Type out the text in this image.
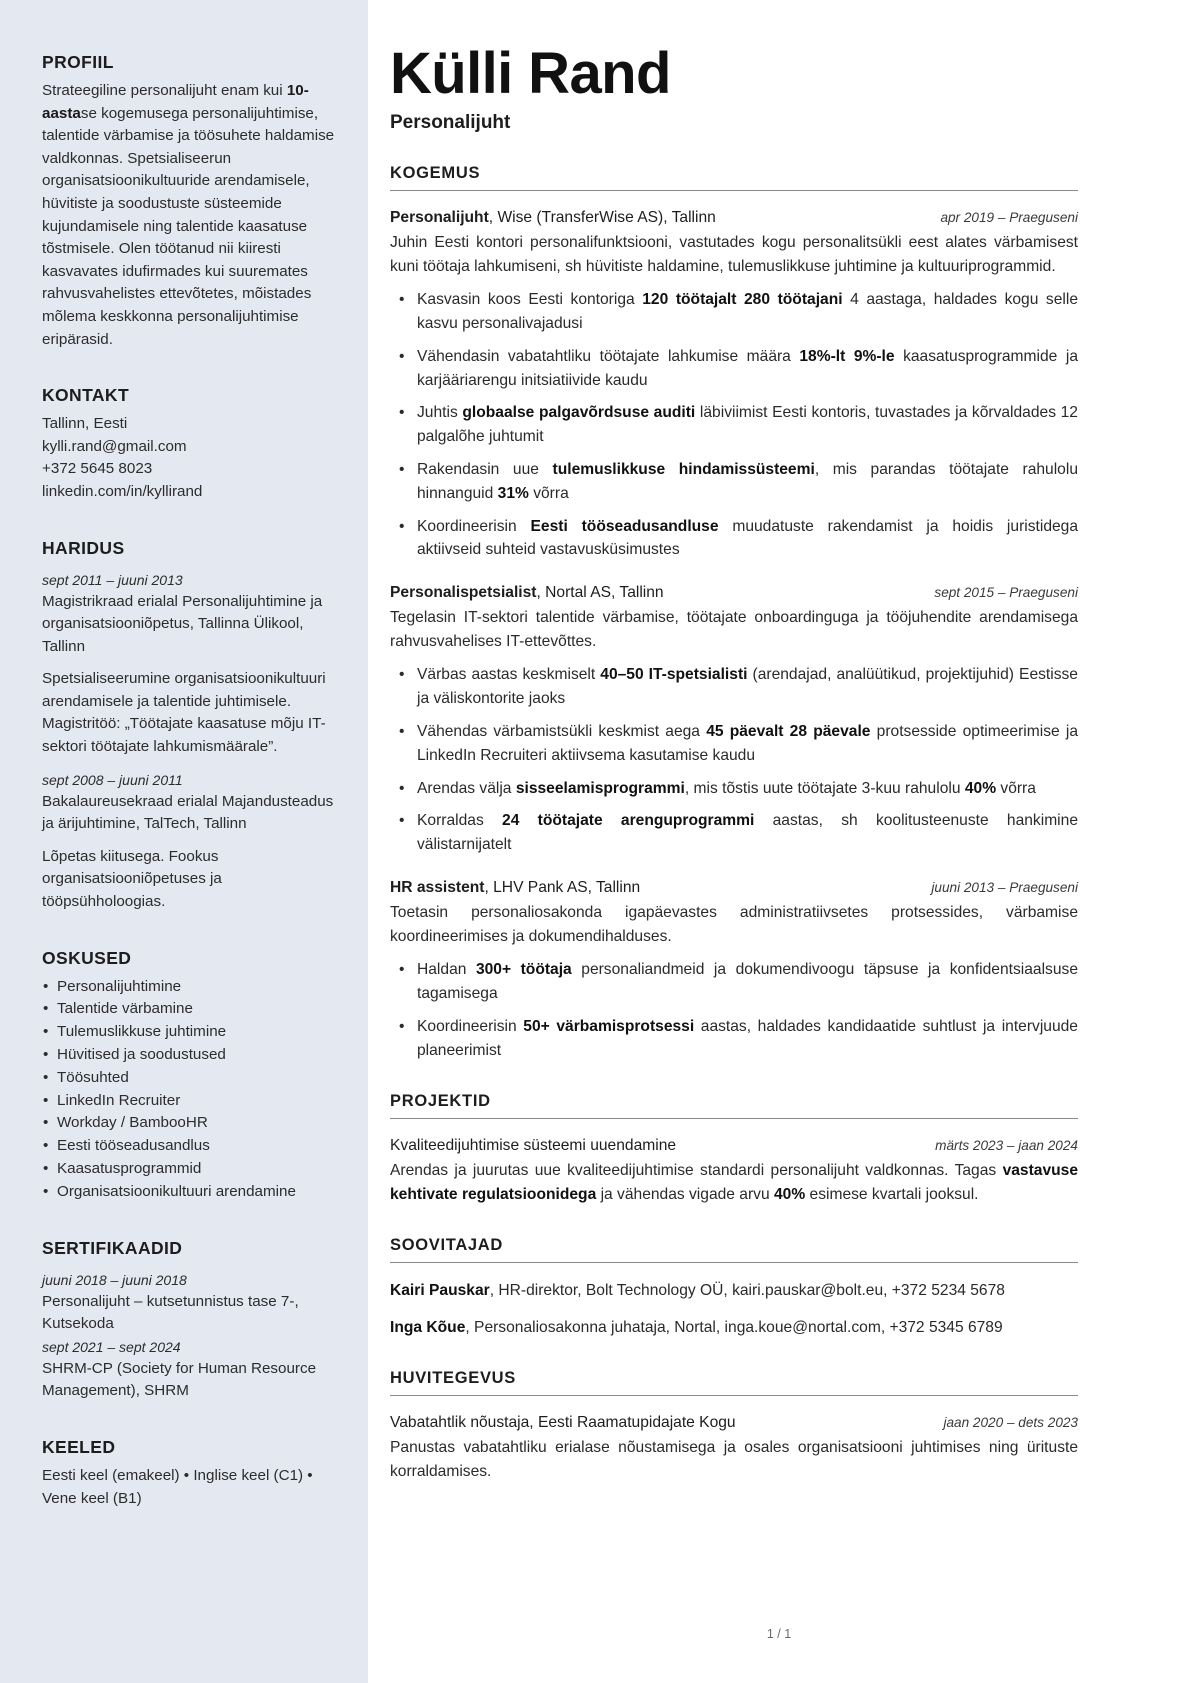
PROFIIL

Strateegiline personalijuht enam kui 10-aastase kogemusega personalijuhtimise, talentide värbamise ja töösuhete haldamise valdkonnas. Spetsialiseerun organisatsioonikultuuride arendamisele, hüvitiste ja soodustuste süsteemide kujundamisele ning talentide kaasatuse tõstmisele. Olen töötanud nii kiiresti kasvavates idufirmades kui suuremates rahvusvahelistes ettevõtetes, mõistades mõlema keskkonna personalijuhtimise eripärasid.

KONTAKT

Tallinn, Eesti

kylli.rand@gmail.com

+372 5645 8023

linkedin.com/in/kyllirand

HARIDUS

sept 2011 – juuni 2013

Magistrikraad erialal Personalijuhtimine ja organisatsiooniõpetus, Tallinna Ülikool, Tallinn

Spetsialiseerumine organisatsioonikultuuri arendamisele ja talentide juhtimisele. Magistritöö: „Töötajate kaasatuse mõju IT-sektori töötajate lahkumismäärale”.

sept 2008 – juuni 2011

Bakalaureusekraad erialal Majandusteadus ja ärijuhtimine, TalTech, Tallinn

Lõpetas kiitusega. Fookus organisatsiooniõpetuses ja tööpsühholoogias.

OSKUSED
• Personalijuhtimine
• Talentide värbamine
• Tulemuslikkuse juhtimine
• Hüvitised ja soodustused
• Töösuhted
• LinkedIn Recruiter
• Workday / BambooHR
• Eesti tööseadusandlus
• Kaasatusprogrammid
• Organisatsioonikultuuri arendamine
SERTIFIKAADID

juuni 2018 – juuni 2018

Personalijuht – kutsetunnistus tase 7-, Kutsekoda

sept 2021 – sept 2024

SHRM-CP (Society for Human Resource Management), SHRM

KEELED

Eesti keel (emakeel) • Inglise keel (C1) • Vene keel (B1)

Külli Rand

Personalijuht

KOGEMUS
Personalijuht, Wise (TransferWise AS), Tallinn	apr 2019 – Praeguseni

Juhin Eesti kontori personalifunktsiooni, vastutades kogu personalitsükli eest alates värbamisest kuni töötaja lahkumiseni, sh hüvitiste haldamine, tulemuslikkuse juhtimine ja kultuuriprogrammid.

• Kasvasin koos Eesti kontoriga 120 töötajalt 280 töötajani 4 aastaga, haldades kogu selle kasvu personalivajadusi
• Vähendasin vabatahtliku töötajate lahkumise määra 18%-lt 9%-le kaasatusprogrammide ja karjääriarengu initsiatiivide kaudu
• Juhtis globaalse palgavõrdsuse auditi läbiviimist Eesti kontoris, tuvastades ja kõrvaldades 12 palgalõhe juhtumit
• Rakendasin uue tulemuslikkuse hindamissüsteemi, mis parandas töötajate rahulolu hinnanguid 31% võrra
• Koordineerisin Eesti tööseadusandluse muudatuste rakendamist ja hoidis juristidega aktiivseid suhteid vastavusküsimustes
Personalispetsialist, Nortal AS, Tallinn	sept 2015 – Praeguseni

Tegelasin IT-sektori talentide värbamise, töötajate onboardinguga ja tööjuhendite arendamisega rahvusvahelises IT-ettevõttes.

• Värbas aastas keskmiselt 40–50 IT-spetsialisti (arendajad, analüütikud, projektijuhid) Eestisse ja väliskontorite jaoks
• Vähendas värbamistsükli keskmist aega 45 päevalt 28 päevale protsesside optimeerimise ja LinkedIn Recruiteri aktiivsema kasutamise kaudu
• Arendas välja sisseelamisprogrammi, mis tõstis uute töötajate 3-kuu rahulolu 40% võrra
• Korraldas 24 töötajate arenguprogrammi aastas, sh koolitusteenuste hankimine välistarnijatelt
HR assistent, LHV Pank AS, Tallinn	juuni 2013 – Praeguseni

Toetasin personaliosakonda igapäevastes administratiivsetes protsessides, värbamise koordineerimises ja dokumendihalduses.

• Haldan 300+ töötaja personaliandmeid ja dokumendivoogu täpsuse ja konfidentsiaalsuse tagamisega
• Koordineerisin 50+ värbamisprotsessi aastas, haldades kandidaatide suhtlust ja intervjuude planeerimist
PROJEKTID
Kvaliteedijuhtimise süsteemi uuendamine	märts 2023 – jaan 2024

Arendas ja juurutas uue kvaliteedijuhtimise standardi personalijuht valdkonnas. Tagas vastavuse kehtivate regulatsioonidega ja vähendas vigade arvu 40% esimese kvartali jooksul.

SOOVITAJAD

Kairi Pauskar, HR-direktor, Bolt Technology OÜ, kairi.pauskar@bolt.eu, +372 5234 5678

Inga Kõue, Personaliosakonna juhataja, Nortal, inga.koue@nortal.com, +372 5345 6789

HUVITEGEVUS
Vabatahtlik nõustaja, Eesti Raamatupidajate Kogu	jaan 2020 – dets 2023

Panustas vabatahtliku erialase nõustamisega ja osales organisatsiooni juhtimises ning ürituste korraldamises.

1 / 1
